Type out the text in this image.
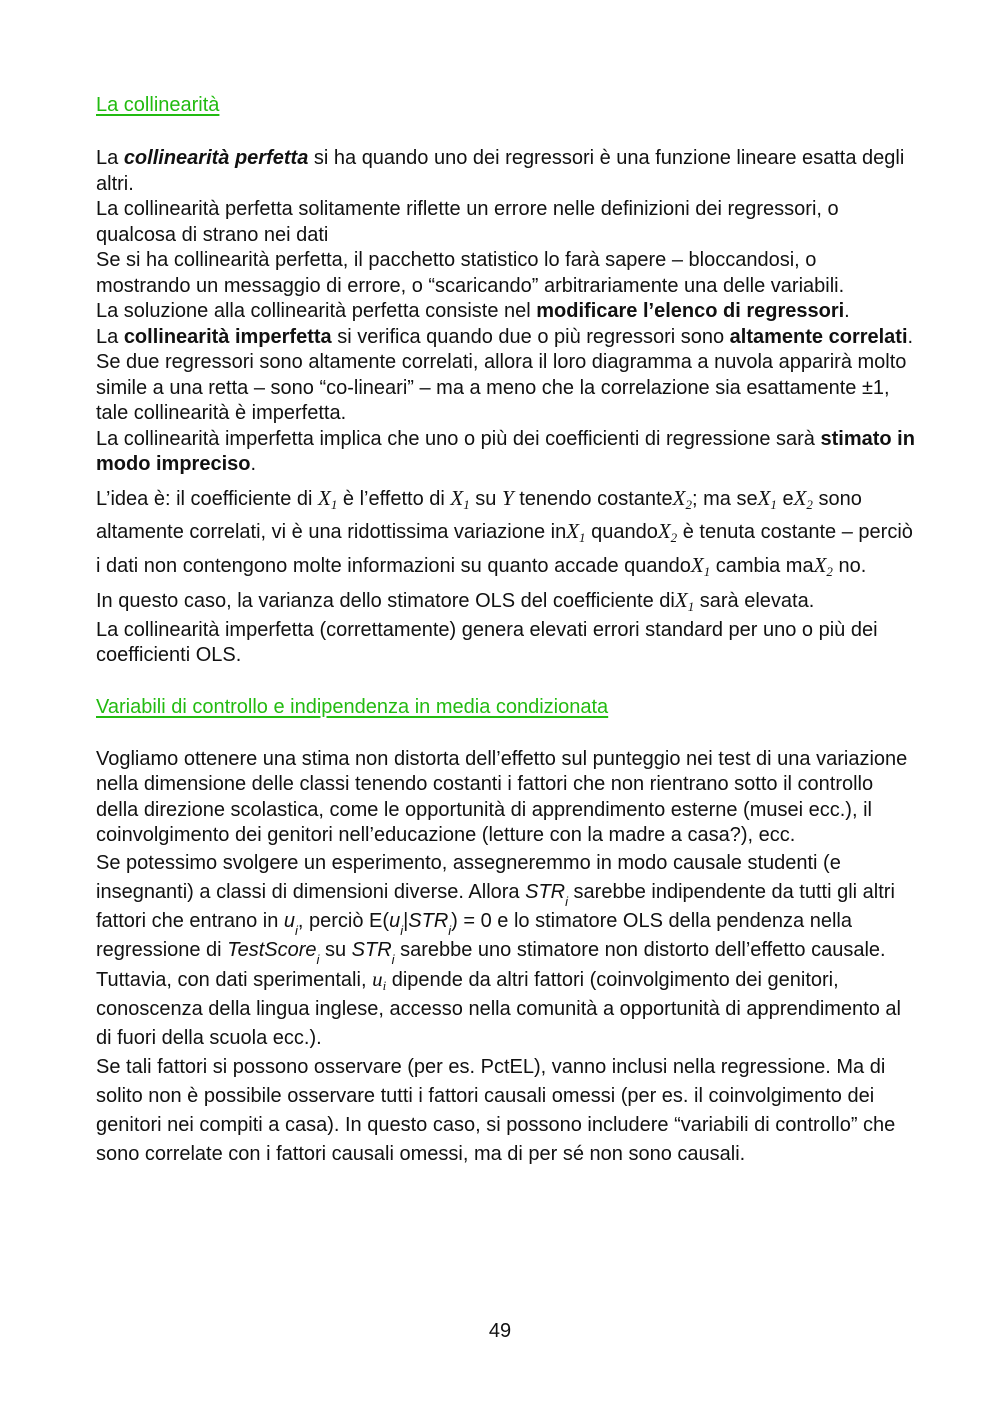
La collinearità

La collinearità perfetta si ha quando uno dei regressori è una funzione lineare esatta degli altri.

La collinearità perfetta solitamente riflette un errore nelle definizioni dei regressori, o qualcosa di strano nei dati

Se si ha collinearità perfetta, il pacchetto statistico lo farà sapere – bloccandosi, o mostrando un messaggio di errore, o “scaricando” arbitrariamente una delle variabili.

La soluzione alla collinearità perfetta consiste nel modificare l’elenco di regressori.

La collinearità imperfetta si verifica quando due o più regressori sono altamente correlati. Se due regressori sono altamente correlati, allora il loro diagramma a nuvola apparirà molto simile a una retta – sono “co-lineari” – ma a meno che la correlazione sia esattamente ±1, tale collinearità è imperfetta.

La collinearità imperfetta implica che uno o più dei coefficienti di regressione sarà stimato in modo impreciso.

L’idea è: il coefficiente di $X_1$ è l’effetto di $X_1$ su Y tenendo costanteX$_2$; ma seX$_1$ $eX_2$ sono altamente correlati, vi è una ridottissima variazione inX$_1$ quandoX$_2$ è tenuta costante – perciò i dati non contengono molte informazioni su quanto accade quandoX$_1$ cambia maX$_2$ no.

In questo caso, la varianza dello stimatore OLS del coefficiente diX$_1$ sarà elevata.

La collinearità imperfetta (correttamente) genera elevati errori standard per uno o più dei coefficienti OLS.

Variabili di controllo e indipendenza in media condizionata

Vogliamo ottenere una stima non distorta dell’effetto sul punteggio nei test di una variazione nella dimensione delle classi tenendo costanti i fattori che non rientrano sotto il controllo della direzione scolastica, come le opportunità di apprendimento esterne (musei ecc.), il coinvolgimento dei genitori nell’educazione (letture con la madre a casa?), ecc.

Se potessimo svolgere un esperimento, assegneremmo in modo causale studenti (e insegnanti) a classi di dimensioni diverse. Allora $STR_i$ sarebbe indipendente da tutti gli altri fattori che entrano in $u_i$, perciò $E(u_i|STR_i) = 0$ e lo stimatore OLS della pendenza nella regressione di TestScore$_i$ su $STR_i$ sarebbe uno stimatore non distorto dell’effetto causale.

Tuttavia, con dati sperimentali, $u_i$ dipende da altri fattori (coinvolgimento dei genitori, conoscenza della lingua inglese, accesso nella comunità a opportunità di apprendimento al di fuori della scuola ecc.).

Se tali fattori si possono osservare (per es. PctEL), vanno inclusi nella regressione. Ma di solito non è possibile osservare tutti i fattori causali omessi (per es. il coinvolgimento dei genitori nei compiti a casa). In questo caso, si possono includere “variabili di controllo” che sono correlate con i fattori causali omessi, ma di per sé non sono causali.

49
